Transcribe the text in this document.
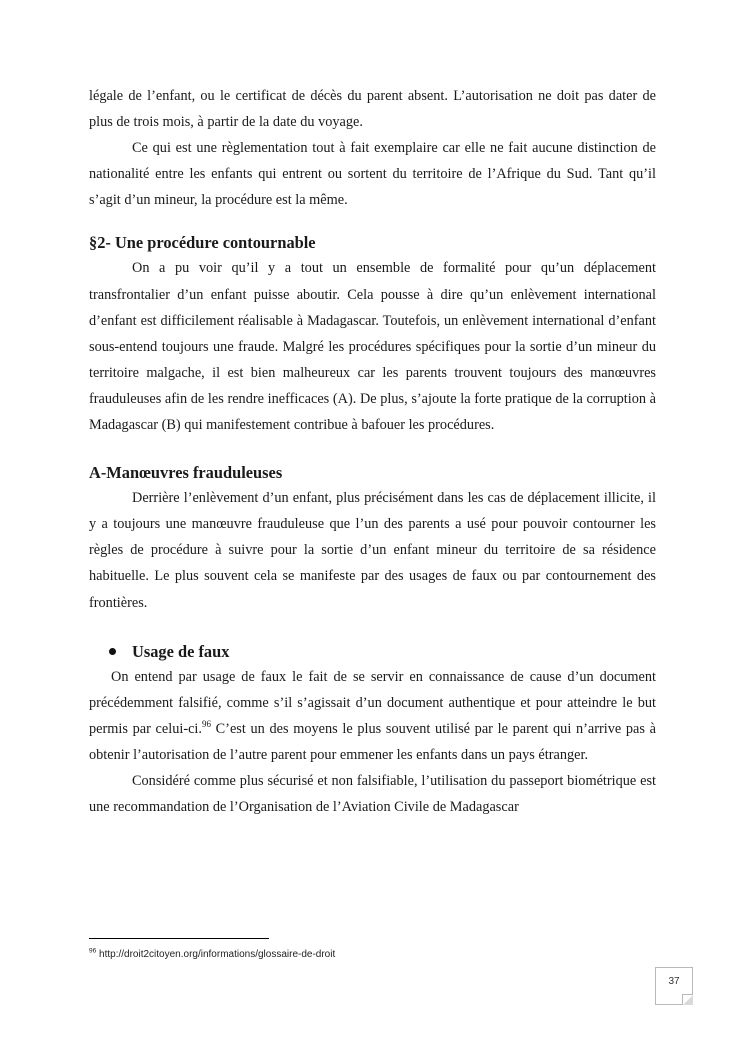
légale de l’enfant, ou le certificat de décès du parent absent. L’autorisation ne doit pas dater de plus de trois mois, à partir de la date du voyage.

Ce qui est une règlementation tout à fait exemplaire car elle ne fait aucune distinction de nationalité entre les enfants qui entrent ou sortent du territoire de l’Afrique du Sud. Tant qu’il s’agit d’un mineur, la procédure est la même.

§2- Une procédure contournable

On a pu voir qu’il y a tout un ensemble de formalité pour qu’un déplacement transfrontalier d’un enfant puisse aboutir. Cela pousse à dire qu’un enlèvement international d’enfant est difficilement réalisable à Madagascar. Toutefois, un enlèvement international d’enfant sous-entend toujours une fraude. Malgré les procédures spécifiques pour la sortie d’un mineur du territoire malgache, il est bien malheureux car les parents trouvent toujours des manœuvres frauduleuses afin de les rendre inefficaces (A). De plus, s’ajoute la forte pratique de la corruption à Madagascar (B) qui manifestement contribue à bafouer les procédures.

A-Manœuvres frauduleuses

Derrière l’enlèvement d’un enfant, plus précisément dans les cas de déplacement illicite, il y a toujours une manœuvre frauduleuse que l’un des parents a usé pour pouvoir contourner les règles de procédure à suivre pour la sortie d’un enfant mineur du territoire de sa résidence habituelle. Le plus souvent cela se manifeste par des usages de faux ou par contournement des frontières.

Usage de faux

On entend par usage de faux le fait de se servir en connaissance de cause d’un document précédemment falsifié, comme s’il s’agissait d’un document authentique et pour atteindre le but permis par celui-ci.$^{96}$ C’est un des moyens le plus souvent utilisé par le parent qui n’arrive pas à obtenir l’autorisation de l’autre parent pour emmener les enfants dans un pays étranger.

Considéré comme plus sécurisé et non falsifiable, l’utilisation du passeport biométrique est une recommandation de l’Organisation de l’Aviation Civile de Madagascar

$^{96}$ http://droit2citoyen.org/informations/glossaire-de-droit
37
